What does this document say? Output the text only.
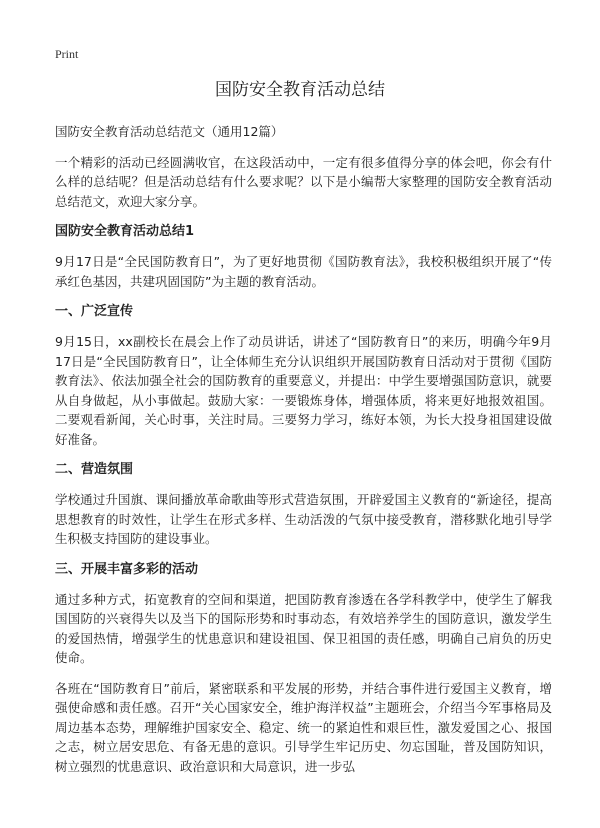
Print
国防安全教育活动总结

国防安全教育活动总结范文（通用12篇）

一个精彩的活动已经圆满收官，在这段活动中，一定有很多值得分享的体会吧，你会有什么样的总结呢？但是活动总结有什么要求呢？以下是小编帮大家整理的国防安全教育活动总结范文，欢迎大家分享。

国防安全教育活动总结1

9月17日是“全民国防教育日”，为了更好地贯彻《国防教育法》，我校积极组织开展了“传承红色基因，共建巩固国防”为主题的教育活动。

一、广泛宣传

9月15日，xx副校长在晨会上作了动员讲话，讲述了“国防教育日”的来历，明确今年9月17日是“全民国防教育日”，让全体师生充分认识组织开展国防教育日活动对于贯彻《国防教育法》、依法加强全社会的国防教育的重要意义，并提出：中学生要增强国防意识，就要从自身做起，从小事做起。鼓励大家：一要锻炼身体，增强体质，将来更好地报效祖国。二要观看新闻，关心时事，关注时局。三要努力学习，练好本领，为长大投身祖国建设做好准备。

二、营造氛围

学校通过升国旗、课间播放革命歌曲等形式营造氛围，开辟爱国主义教育的“新途径，提高思想教育的时效性，让学生在形式多样、生动活泼的气氛中接受教育，潜移默化地引导学生积极支持国防的建设事业。

三、开展丰富多彩的活动

通过多种方式，拓宽教育的空间和渠道，把国防教育渗透在各学科教学中，使学生了解我国国防的兴衰得失以及当下的国际形势和时事动态，有效培养学生的国防意识，激发学生的爱国热情，增强学生的忧患意识和建设祖国、保卫祖国的责任感，明确自己肩负的历史使命。

各班在“国防教育日”前后，紧密联系和平发展的形势，并结合事件进行爱国主义教育，增强使命感和责任感。召开“关心国家安全，维护海洋权益”主题班会，介绍当今军事格局及周边基本态势，理解维护国家安全、稳定、统一的紧迫性和艰巨性，激发爱国之心、报国之志，树立居安思危、有备无患的意识。引导学生牢记历史、勿忘国耻，普及国防知识，树立强烈的忧患意识、政治意识和大局意识，进一步弘
